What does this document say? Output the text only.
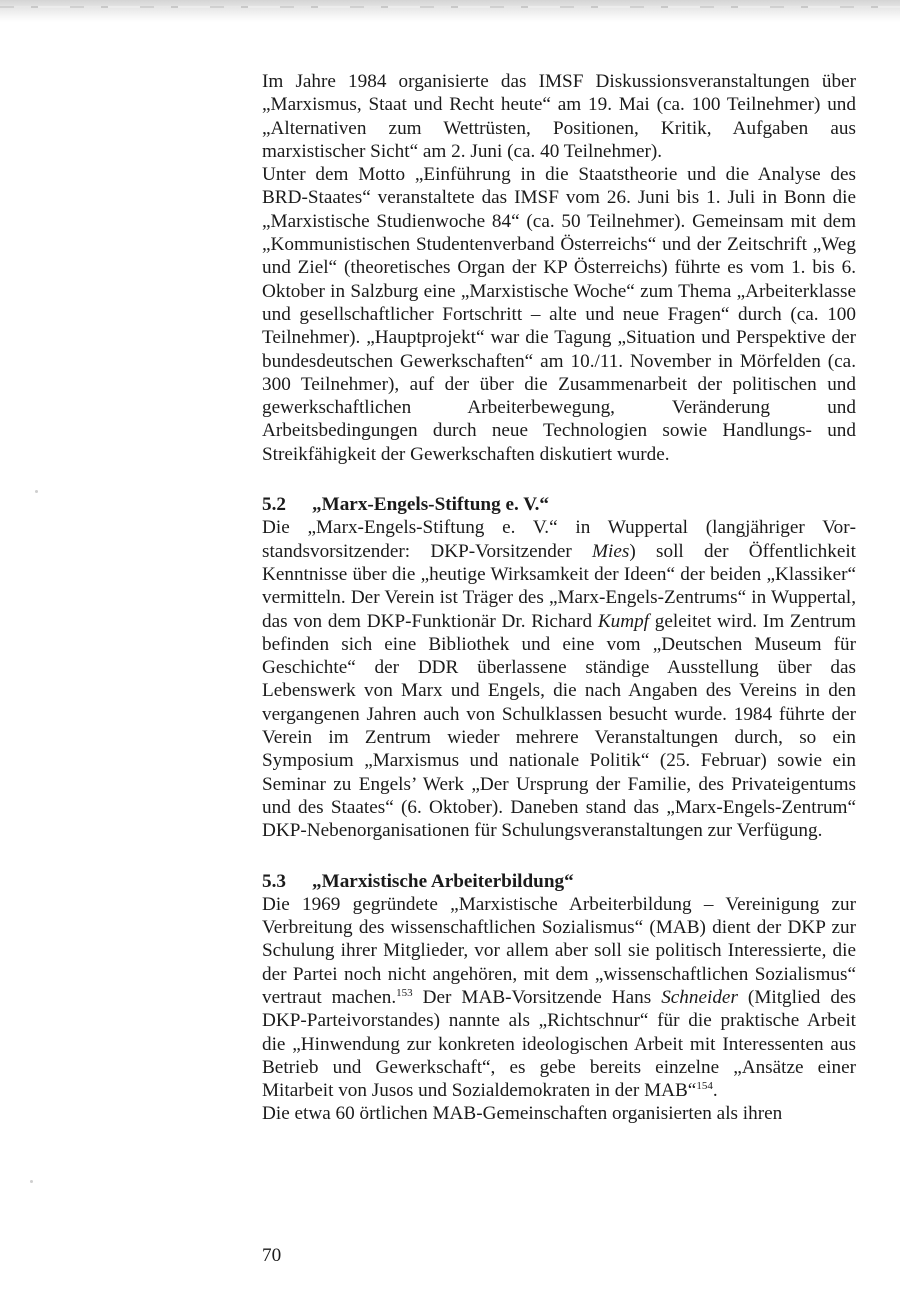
Im Jahre 1984 organisierte das IMSF Diskussionsveranstaltungen über „Marxismus, Staat und Recht heute“ am 19. Mai (ca. 100 Teilnehmer) und „Alternativen zum Wettrüsten, Positionen, Kritik, Aufgaben aus marxistischer Sicht“ am 2. Juni (ca. 40 Teilnehmer).

Unter dem Motto „Einführung in die Staatstheorie und die Analyse des BRD-Staates“ veranstaltete das IMSF vom 26. Juni bis 1. Juli in Bonn die „Marxistische Studienwoche 84“ (ca. 50 Teilnehmer). Gemeinsam mit dem „Kommunistischen Studentenverband Österreichs“ und der Zeitschrift „Weg und Ziel“ (theoretisches Organ der KP Österreichs) führte es vom 1. bis 6. Oktober in Salzburg eine „Marxistische Woche“ zum Thema „Arbeiterklasse und gesellschaftlicher Fortschritt – alte und neue Fragen“ durch (ca. 100 Teilnehmer). „Hauptprojekt“ war die Tagung „Situation und Perspektive der bundesdeutschen Gewerkschaften“ am 10./11. November in Mörfelden (ca. 300 Teilnehmer), auf der über die Zusammenarbeit der politischen und gewerkschaftlichen Arbeiterbewegung, Veränderung und Arbeitsbedingungen durch neue Technologien sowie Handlungs- und Streikfähigkeit der Gewerkschaften diskutiert wurde.

5.2 „Marx-Engels-Stiftung e. V.“

Die „Marx-Engels-Stiftung e. V.“ in Wuppertal (langjähriger Vorstandsvorsitzender: DKP-Vorsitzender Mies) soll der Öffentlichkeit Kenntnisse über die „heutige Wirksamkeit der Ideen“ der beiden „Klassiker“ vermitteln. Der Verein ist Träger des „Marx-Engels-Zentrums“ in Wuppertal, das von dem DKP-Funktionär Dr. Richard Kumpf geleitet wird. Im Zentrum befinden sich eine Bibliothek und eine vom „Deutschen Museum für Geschichte“ der DDR überlassene ständige Ausstellung über das Lebenswerk von Marx und Engels, die nach Angaben des Vereins in den vergangenen Jahren auch von Schulklassen besucht wurde. 1984 führte der Verein im Zentrum wieder mehrere Veranstaltungen durch, so ein Symposium „Marxismus und nationale Politik“ (25. Februar) sowie ein Seminar zu Engels’ Werk „Der Ursprung der Familie, des Privateigentums und des Staates“ (6. Oktober). Daneben stand das „Marx-Engels-Zentrum“ DKP-Nebenorganisationen für Schulungsveranstaltungen zur Verfügung.

5.3 „Marxistische Arbeiterbildung“

Die 1969 gegründete „Marxistische Arbeiterbildung – Vereinigung zur Verbreitung des wissenschaftlichen Sozialismus“ (MAB) dient der DKP zur Schulung ihrer Mitglieder, vor allem aber soll sie politisch Interessierte, die der Partei noch nicht angehören, mit dem „wissenschaftlichen Sozialismus“ vertraut machen.$^{153}$ Der MAB-Vorsitzende Hans Schneider (Mitglied des DKP-Parteivorstandes) nannte als „Richtschnur“ für die praktische Arbeit die „Hinwendung zur konkreten ideologischen Arbeit mit Interessenten aus Betrieb und Gewerkschaft“, es gebe bereits einzelne „Ansätze einer Mitarbeit von Jusos und Sozialdemokraten in der MAB“$^{154}$.

Die etwa 60 örtlichen MAB-Gemeinschaften organisierten als ihren

70
